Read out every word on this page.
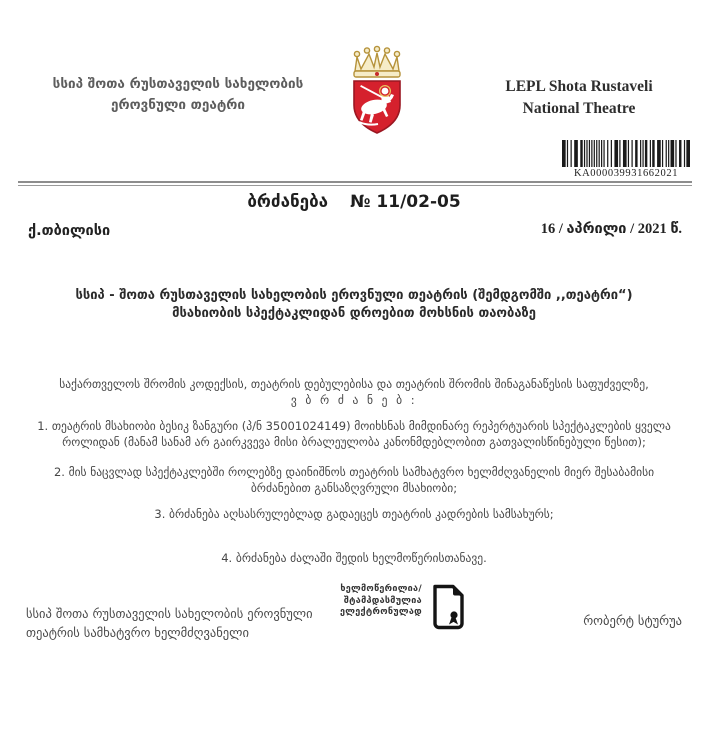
სსიპ შოთა რუსთაველის სახელობის
ეროვნული თეატრი
LEPL Shota Rustaveli
National Theatre
KA000039931662021
ბრძანება № 11/02-05
ქ.თბილისი	16 / აპრილი / 2021 წ.
სსიპ - შოთა რუსთაველის სახელობის ეროვნული თეატრის (შემდგომში ,,თეატრი“)
მსახიობის სპექტაკლიდან დროებით მოხსნის თაობაზე
საქართველოს შრომის კოდექსის, თეატრის დებულებისა და თეატრის შრომის შინაგანაწესის საფუძველზე,
ვ ბ რ ძ ა ნ ე ბ :
1. თეატრის მსახიობი ბესიკ ზანგური (პ/ნ 35001024149) მოიხსნას მიმდინარე რეპერტუარის სპექტაკლების ყველა როლიდან (მანამ სანამ არ გაირკვევა მისი ბრალეულობა კანონმდებლობით გათვალისწინებული წესით);
2. მის ნაცვლად სპექტაკლებში როლებზე დაინიშნოს თეატრის სამხატვრო ხელმძღვანელის მიერ შესაბამისი ბრძანებით განსაზღვრული მსახიობი;
3. ბრძანება აღსასრულებლად გადაეცეს თეატრის კადრების სამსახურს;
4. ბრძანება ძალაში შედის ხელმოწერისთანავე.
სსიპ შოთა რუსთაველის სახელობის ეროვნული
თეატრის სამხატვრო ხელმძღვანელი
ხელმოწერილია/
შტამპდასმულია
ელექტრონულად
რობერტ სტურუა
